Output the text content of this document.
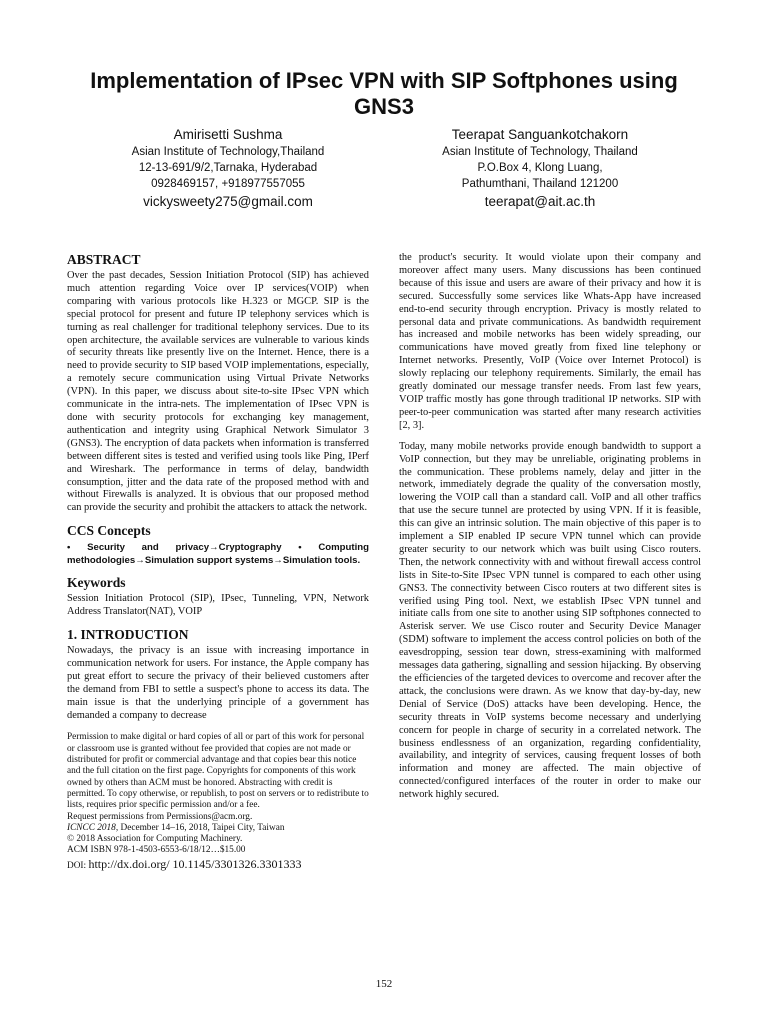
Implementation of IPsec VPN with SIP Softphones using GNS3
Amirisetti Sushma
Asian Institute of Technology,Thailand
12-13-691/9/2,Tarnaka, Hyderabad
0928469157, +918977557055
vickysweety275@gmail.com
Teerapat Sanguankotchakorn
Asian Institute of Technology, Thailand
P.O.Box 4, Klong Luang,
Pathumthani, Thailand 121200
teerapat@ait.ac.th
ABSTRACT

Over the past decades, Session Initiation Protocol (SIP) has achieved much attention regarding Voice over IP services(VOIP) when comparing with various protocols like H.323 or MGCP. SIP is the special protocol for present and future IP telephony services which is turning as real challenger for traditional telephony services. Due to its open architecture, the available services are vulnerable to various kinds of security threats like presently live on the Internet. Hence, there is a need to provide security to SIP based VOIP implementations, especially, a remotely secure communication using Virtual Private Networks (VPN). In this paper, we discuss about site-to-site IPsec VPN which communicate in the intra-nets. The implementation of IPsec VPN is done with security protocols for exchanging key management, authentication and integrity using Graphical Network Simulator 3 (GNS3). The encryption of data packets when information is transferred between different sites is tested and verified using tools like Ping, IPerf and Wireshark. The performance in terms of delay, bandwidth consumption, jitter and the data rate of the proposed method with and without Firewalls is analyzed. It is obvious that our proposed method can provide the security and prohibit the attackers to attack the network.

CCS Concepts

• Security and privacy→Cryptography • Computing methodologies→Simulation support systems→Simulation tools.

Keywords

Session Initiation Protocol (SIP), IPsec, Tunneling, VPN, Network Address Translator(NAT), VOIP

1. INTRODUCTION

Nowadays, the privacy is an issue with increasing importance in communication network for users. For instance, the Apple company has put great effort to secure the privacy of their believed customers after the demand from FBI to settle a suspect's phone to access its data. The main issue is that the underlying principle of a government has demanded a company to decrease

Permission to make digital or hard copies of all or part of this work for personal or classroom use is granted without fee provided that copies are not made or distributed for profit or commercial advantage and that copies bear this notice and the full citation on the first page. Copyrights for components of this work owned by others than ACM must be honored. Abstracting with credit is permitted. To copy otherwise, or republish, to post on servers or to redistribute to lists, requires prior specific permission and/or a fee.
Request permissions from Permissions@acm.org.
ICNCC 2018, December 14–16, 2018, Taipei City, Taiwan
© 2018 Association for Computing Machinery.
ACM ISBN 978-1-4503-6553-6/18/12…$15.00
DOI: http://dx.doi.org/ 10.1145/3301326.3301333

the product's security. It would violate upon their company and moreover affect many users. Many discussions has been continued because of this issue and users are aware of their privacy and how it is secured. Successfully some services like Whats-App have increased end-to-end security through encryption. Privacy is mostly related to personal data and private communications. As bandwidth requirement has increased and mobile networks has been widely spreading, our communications have moved greatly from fixed line telephony or Internet networks. Presently, VoIP (Voice over Internet Protocol) is slowly replacing our telephony requirements. Similarly, the email has greatly dominated our message transfer needs. From last few years, VOIP traffic mostly has gone through traditional IP networks. SIP with peer-to-peer communication was started after many research activities [2, 3].

Today, many mobile networks provide enough bandwidth to support a VoIP connection, but they may be unreliable, originating problems in the communication. These problems namely, delay and jitter in the network, immediately degrade the quality of the conversation mostly, lowering the VOIP call than a standard call. VoIP and all other traffics that use the secure tunnel are protected by using VPN. If it is feasible, this can give an intrinsic solution. The main objective of this paper is to implement a SIP enabled IP secure VPN tunnel which can provide greater security to our network which was built using Cisco routers. Then, the network connectivity with and without firewall access control lists in Site-to-Site IPsec VPN tunnel is compared to each other using GNS3. The connectivity between Cisco routers at two different sites is verified using Ping tool. Next, we establish IPsec VPN tunnel and initiate calls from one site to another using SIP softphones connected to Asterisk server. We use Cisco router and Security Device Manager (SDM) software to implement the access control policies on both of the eavesdropping, session tear down, stress-examining with malformed messages data gathering, signalling and session hijacking. By observing the efficiencies of the targeted devices to overcome and recover after the attack, the conclusions were drawn. As we know that day-by-day, new Denial of Service (DoS) attacks have been developing. Hence, the security threats in VoIP systems become necessary and underlying concern for people in charge of security in a correlated network. The business endlessness of an organization, regarding confidentiality, availability, and integrity of services, causing frequent losses of both information and money are affected. The main objective of connected/configured interfaces of the router in order to make our network highly secured.

152
